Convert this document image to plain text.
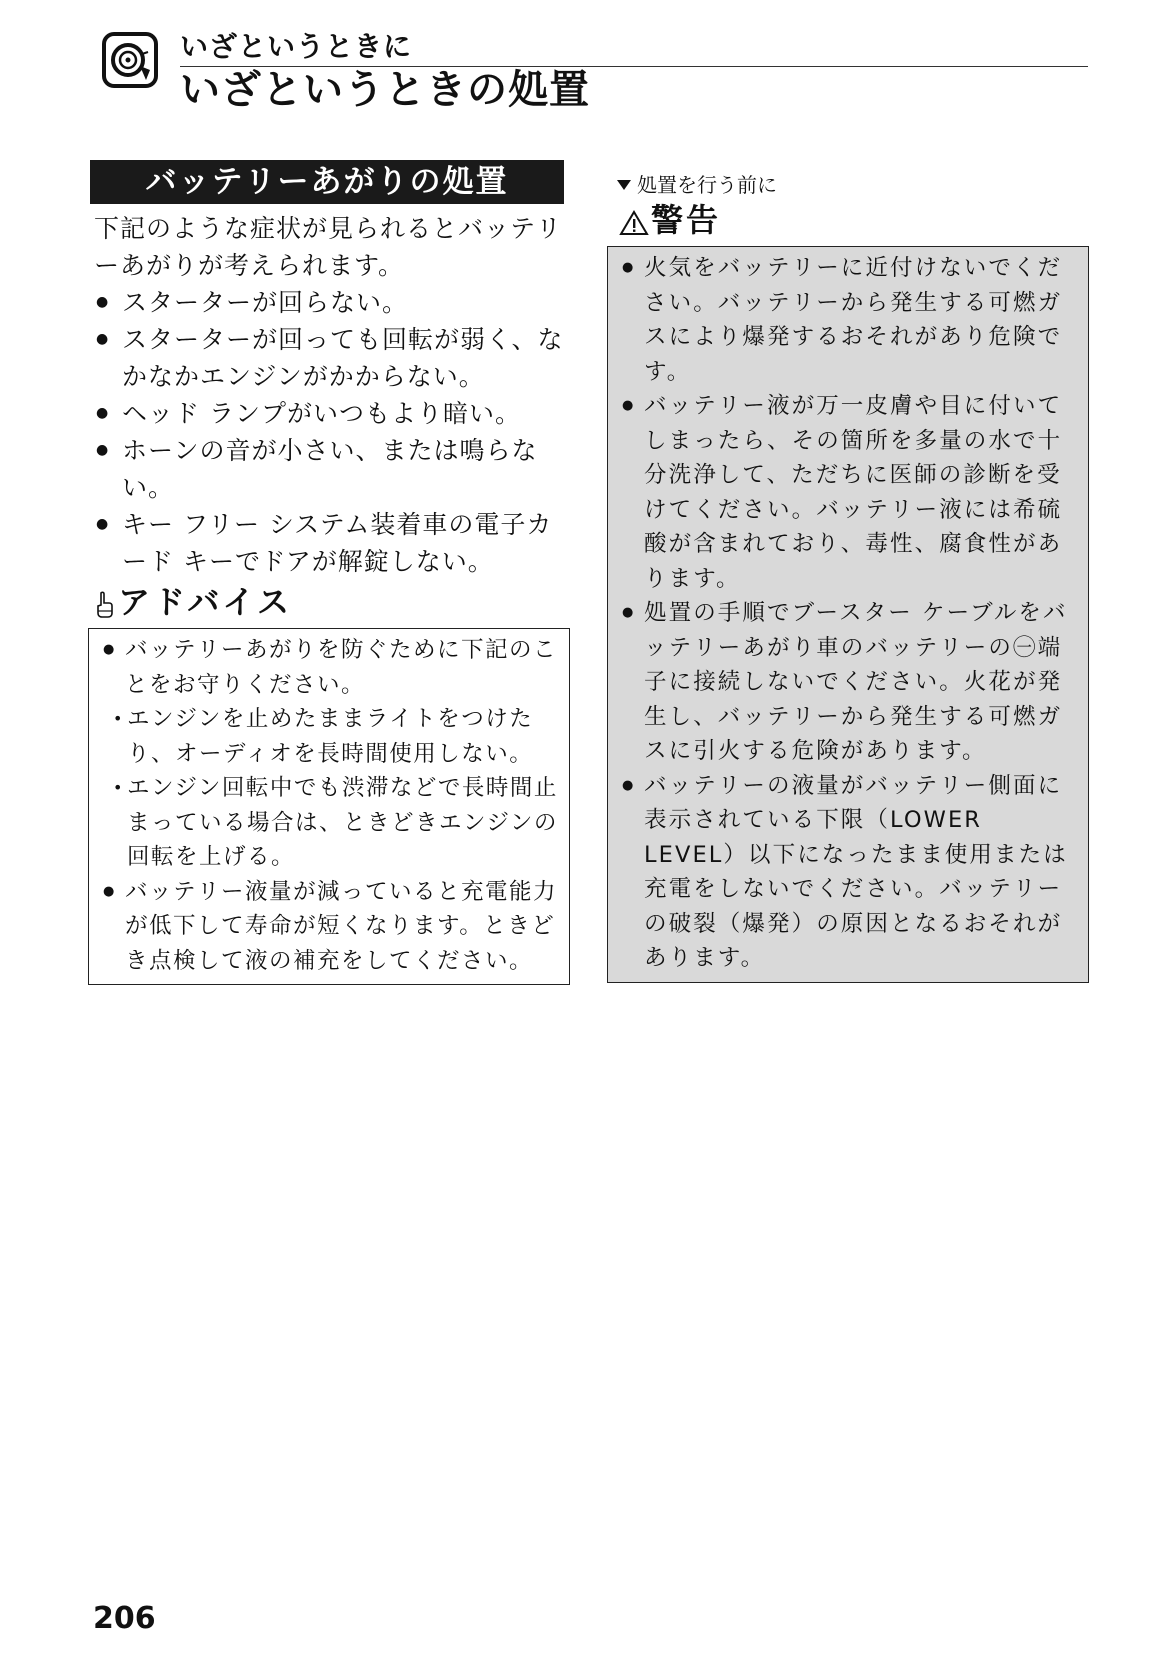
いざというときに
いざというときの処置
バッテリーあがりの処置
下記のような症状が見られるとバッテリーあがりが考えられます。
● スターターが回らない。
● スターターが回っても回転が弱く、なかなかエンジンがかからない。
● ヘッド ランプがいつもより暗い。
● ホーンの音が小さい、または鳴らない。
● キー フリー システム装着車の電子カード キーでドアが解錠しない。
アドバイス
● バッテリーあがりを防ぐために下記のことをお守りください。
• エンジンを止めたままライトをつけたり、オーディオを長時間使用しない。
• エンジン回転中でも渋滞などで長時間止まっている場合は、ときどきエンジンの回転を上げる。
● バッテリー液量が減っていると充電能力が低下して寿命が短くなります。ときどき点検して液の補充をしてください。
処置を行う前に
警告
● 火気をバッテリーに近付けないでください。バッテリーから発生する可燃ガスにより爆発するおそれがあり危険です。
● バッテリー液が万一皮膚や目に付いてしまったら、その箇所を多量の水で十分洗浄して、ただちに医師の診断を受けてください。バッテリー液には希硫酸が含まれており、毒性、腐食性があります。
● 処置の手順でブースター ケーブルをバッテリーあがり車のバッテリーの㊀端子に接続しないでください。火花が発生し、バッテリーから発生する可燃ガスに引火する危険があります。
● バッテリーの液量がバッテリー側面に表示されている下限（LOWER LEVEL）以下になったまま使用または充電をしないでください。バッテリーの破裂（爆発）の原因となるおそれがあります。
206
